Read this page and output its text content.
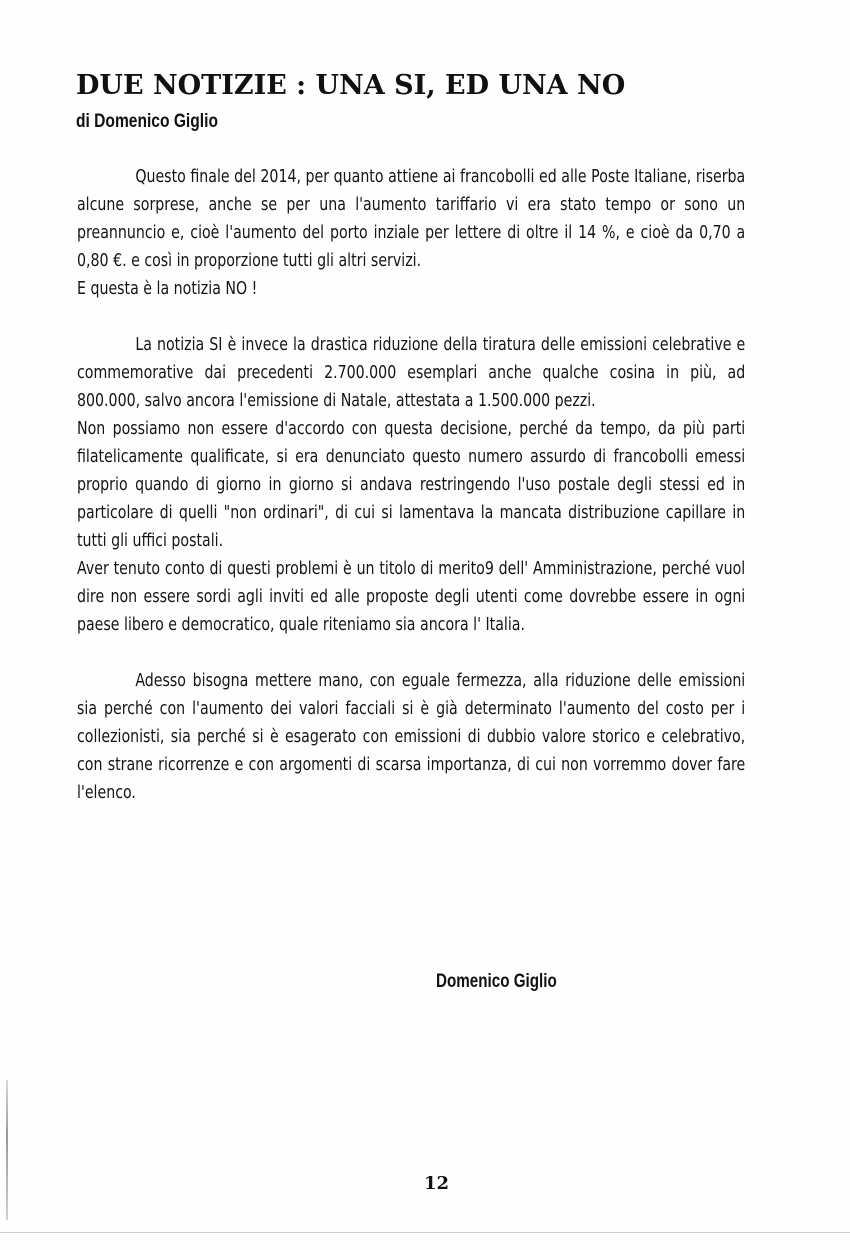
DUE NOTIZIE : UNA SI, ED UNA NO

di Domenico Giglio

Questo finale del 2014, per quanto attiene ai francobolli ed alle Poste Italiane, riserba alcune sorprese, anche se per una l'aumento tariffario vi era stato tempo or sono un preannuncio e, cioè l'aumento del porto inziale per lettere di oltre il 14 %, e cioè da 0,70 a 0,80 €. e così in proporzione tutti gli altri servizi.

E questa è la notizia NO !

La notizia SI è invece la drastica riduzione della tiratura delle emissioni celebrative e commemorative dai precedenti 2.700.000 esemplari anche qualche cosina in più, ad 800.000, salvo ancora l'emissione di Natale, attestata a 1.500.000 pezzi.

Non possiamo non essere d'accordo con questa decisione, perché da tempo, da più parti filatelicamente qualificate, si era denunciato questo numero assurdo di francobolli emessi proprio quando di giorno in giorno si andava restringendo l'uso postale degli stessi ed in particolare di quelli "non ordinari", di cui si lamentava la mancata distribuzione capillare in tutti gli uffici postali.

Aver tenuto conto di questi problemi è un titolo di merito9 dell' Amministrazione, perché vuol dire non essere sordi agli inviti ed alle proposte degli utenti come dovrebbe essere in ogni paese libero e democratico, quale riteniamo sia ancora l' Italia.

Adesso bisogna mettere mano, con eguale fermezza, alla riduzione delle emissioni sia perché con l'aumento dei valori facciali si è già determinato l'aumento del costo per i collezionisti, sia perché si è esagerato con emissioni di dubbio valore storico e celebrativo, con strane ricorrenze e con argomenti di scarsa importanza, di cui non vorremmo dover fare l'elenco.

Domenico Giglio
12
